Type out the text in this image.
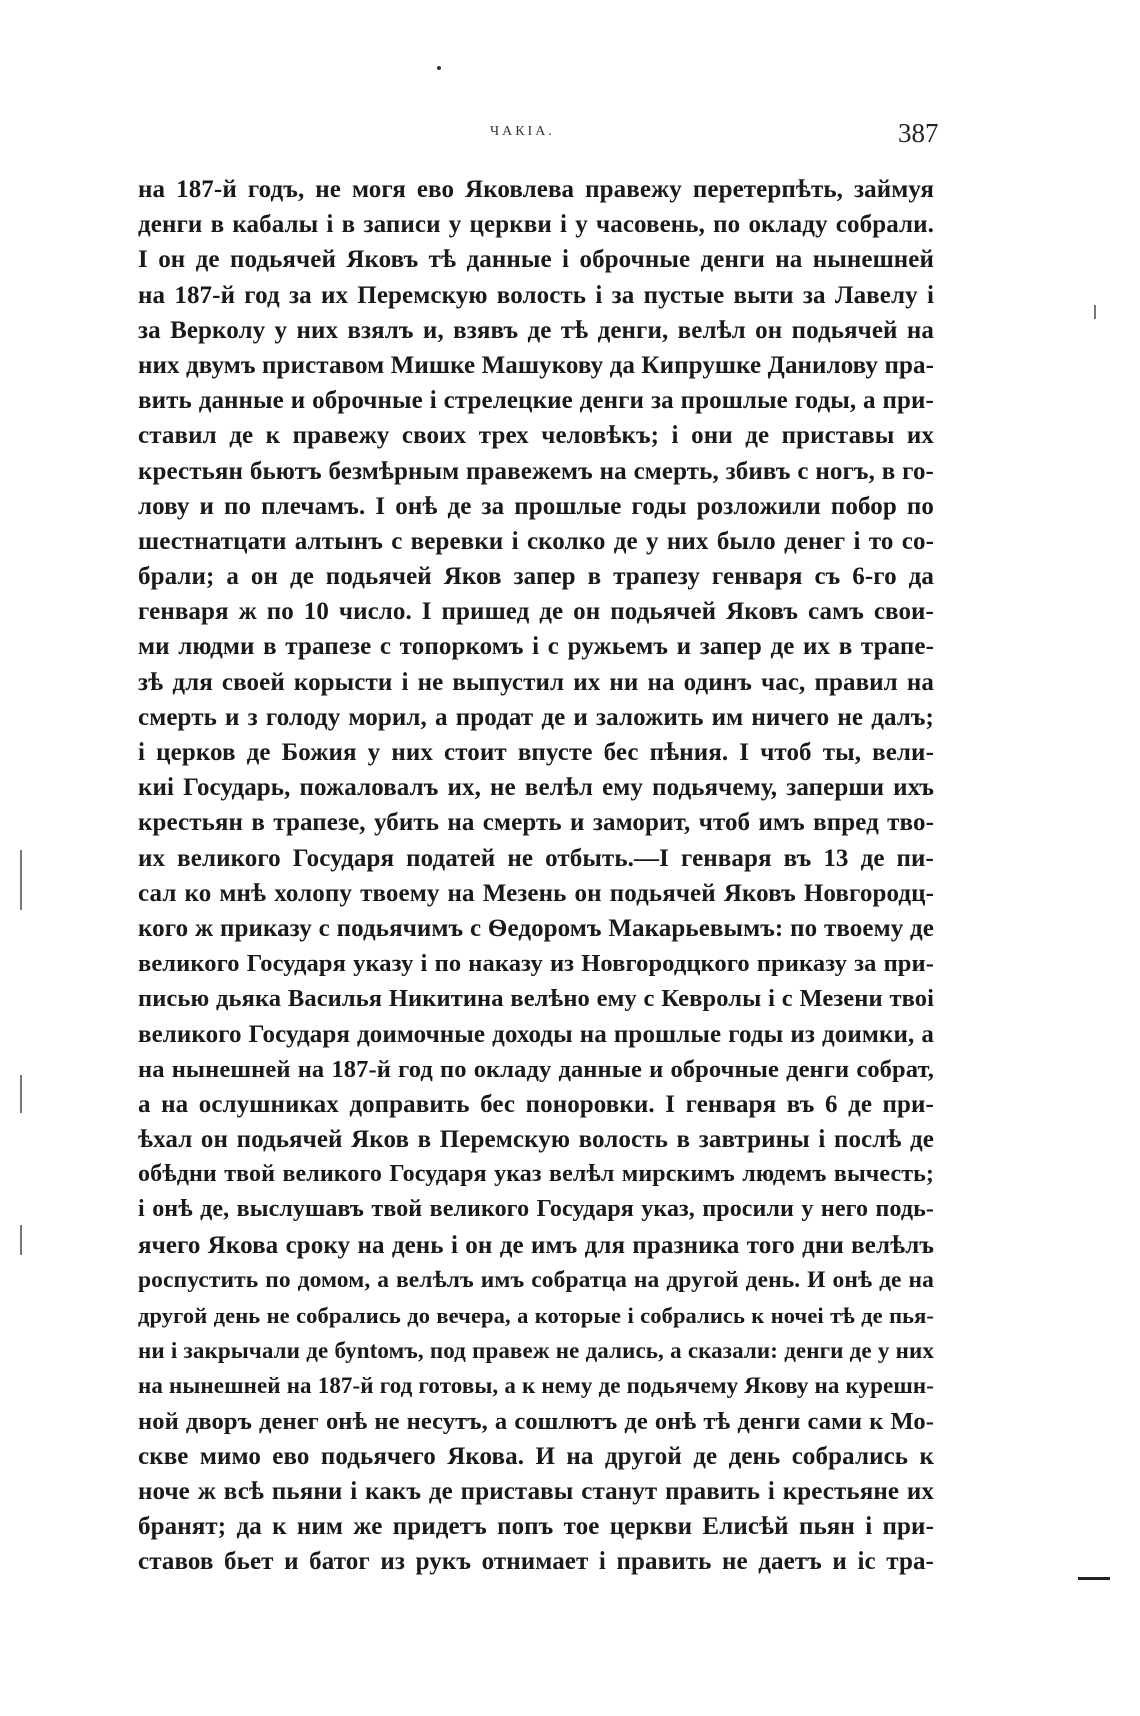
ЧАКІА.	387
на 187-й годъ, не могя ево Яковлева правежу перетерпѣть, займуя
денги в кабалы і в записи у церкви і у часовень, по окладу собрали.
І он де подьячей Яковъ тѣ данные і оброчные денги на нынешней
на 187-й год за их Перемскую волость і за пустые выти за Лавелу і
за Верколу у них взялъ и, взявъ де тѣ денги, велѣл он подьячей на
них двумъ приставом Мишке Машукову да Кипрушке Данилову пра-
вить данные и оброчные і стрелецкие денги за прошлые годы, а при-
ставил де к правежу своих трех человѣкъ; і они де приставы их
крестьян бьютъ безмѣрным правежемъ на смерть, збивъ с ногъ, в го-
лову и по плечамъ. І онѣ де за прошлые годы розложили побор по
шестнатцати алтынъ с веревки і сколко де у них было денег і то со-
брали; а он де подьячей Яков запер в трапезу генваря съ 6-го да
генваря ж по 10 число. І пришед де он подьячей Яковъ самъ свои-
ми людми в трапезе с топоркомъ і с ружьемъ и запер де их в трапе-
зѣ для своей корысти і не выпустил их ни на одинъ час, правил на
смерть и з голоду морил, а продат де и заложить им ничего не далъ;
і церков де Божия у них стоит впусте бес пѣния. І чтоб ты, вели-
киі Государь, пожаловалъ их, не велѣл ему подьячему, заперши ихъ
крестьян в трапезе, убить на смерть и заморит, чтоб имъ впред тво-
их великого Государя податей не отбыть.—І генваря въ 13 де пи-
сал ко мнѣ холопу твоему на Мезень он подьячей Яковъ Новгородц-
кого ж приказу с подьячимъ с Ѳедоромъ Макарьевымъ: по твоему де
великого Государя указу і по наказу из Новгородцкого приказу за при-
писью дьяка Василья Никитина велѣно ему с Кевролы і с Мезени твоі
великого Государя доимочные доходы на прошлые годы из доимки, а
на нынешней на 187-й год по окладу данные и оброчные денги собрат,
а на ослушниках доправить бес поноровки. І генваря въ 6 де при-
ѣхал он подьячей Яков в Перемскую волость в завтрины і послѣ де
обѣдни твой великого Государя указ велѣл мирскимъ людемъ вычесть;
і онѣ де, выслушавъ твой великого Государя указ, просили у него подь-
ячего Якова сроку на день і он де имъ для празника того дни велѣлъ
роспустить по домом, а велѣлъ имъ собратца на другой день. И онѣ де на
другой день не собрались до вечера, а которые і собрались к ночеі тѣ де пья-
ни і закрычали де буntомъ, под правеж не дались, а сказали: денги де у них
на нынешней на 187-й год готовы, а к нему де подьячему Якову на курешн-
ной дворъ денег онѣ не несутъ, а сошлютъ де онѣ тѣ денги сами к Мо-
скве мимо ево подьячего Якова. И на другой де день собрались к
ноче ж всѣ пьяни і какъ де приставы станут править і крестьяне их
бранят; да к ним же придетъ попъ тое церкви Елисѣй пьян і при-
ставов бьет и батог из рукъ отнимает і править не даетъ и іс тра-
